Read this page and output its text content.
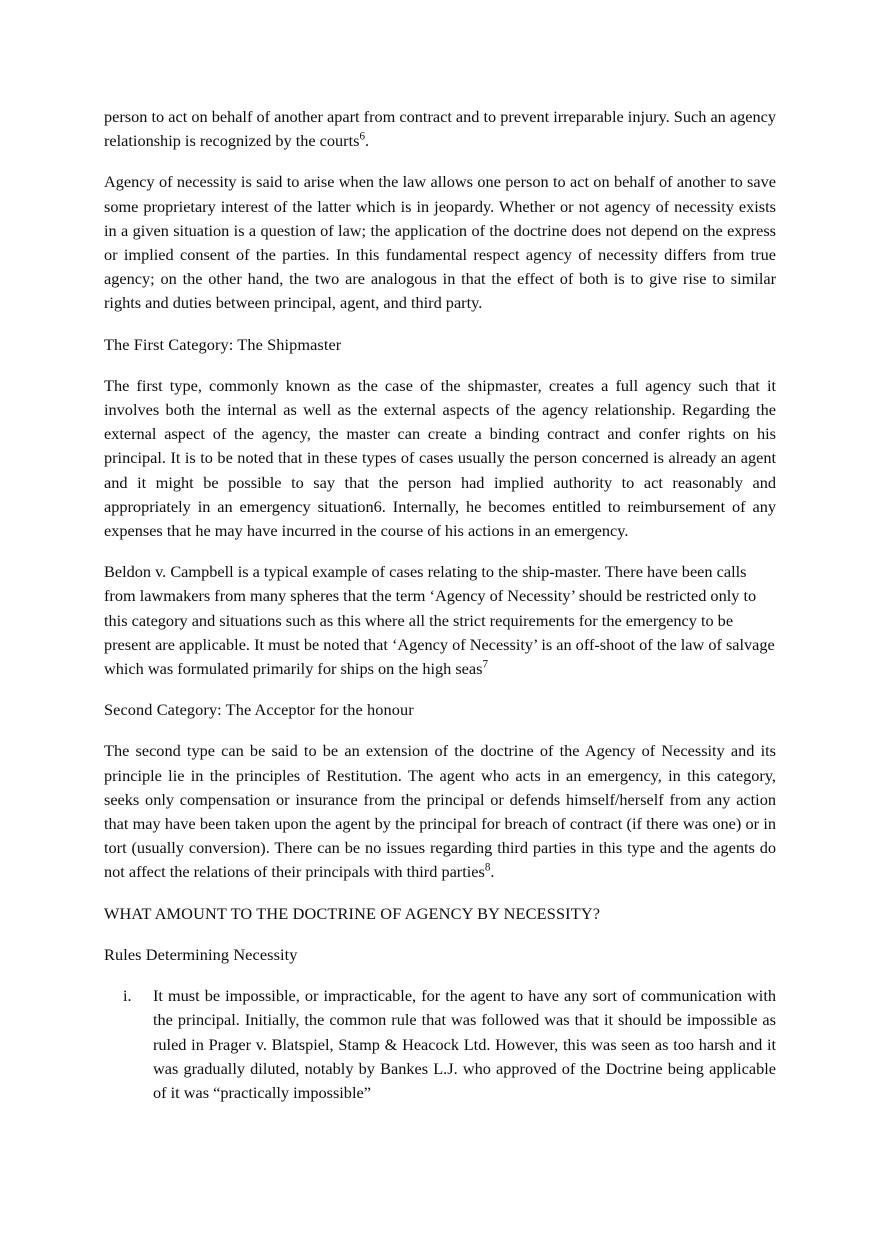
person to act on behalf of another apart from contract and to prevent irreparable injury. Such an agency relationship is recognized by the courts$^6$.

Agency of necessity is said to arise when the law allows one person to act on behalf of another to save some proprietary interest of the latter which is in jeopardy. Whether or not agency of necessity exists in a given situation is a question of law; the application of the doctrine does not depend on the express or implied consent of the parties. In this fundamental respect agency of necessity differs from true agency; on the other hand, the two are analogous in that the effect of both is to give rise to similar rights and duties between principal, agent, and third party.

The First Category: The Shipmaster

The first type, commonly known as the case of the shipmaster, creates a full agency such that it involves both the internal as well as the external aspects of the agency relationship. Regarding the external aspect of the agency, the master can create a binding contract and confer rights on his principal. It is to be noted that in these types of cases usually the person concerned is already an agent and it might be possible to say that the person had implied authority to act reasonably and appropriately in an emergency situation6. Internally, he becomes entitled to reimbursement of any expenses that he may have incurred in the course of his actions in an emergency.

Beldon v. Campbell is a typical example of cases relating to the ship-master. There have been calls from lawmakers from many spheres that the term ‘Agency of Necessity’ should be restricted only to this category and situations such as this where all the strict requirements for the emergency to be present are applicable. It must be noted that ‘Agency of Necessity’ is an off-shoot of the law of salvage which was formulated primarily for ships on the high seas$^7$

Second Category: The Acceptor for the honour

The second type can be said to be an extension of the doctrine of the Agency of Necessity and its principle lie in the principles of Restitution. The agent who acts in an emergency, in this category, seeks only compensation or insurance from the principal or defends himself/herself from any action that may have been taken upon the agent by the principal for breach of contract (if there was one) or in tort (usually conversion). There can be no issues regarding third parties in this type and the agents do not affect the relations of their principals with third parties$^8$.

WHAT AMOUNT TO THE DOCTRINE OF AGENCY BY NECESSITY?
Rules Determining Necessity
i.	It must be impossible, or impracticable, for the agent to have any sort of communication with the principal. Initially, the common rule that was followed was that it should be impossible as ruled in Prager v. Blatspiel, Stamp & Heacock Ltd. However, this was seen as too harsh and it was gradually diluted, notably by Bankes L.J. who approved of the Doctrine being applicable of it was “practically impossible”
